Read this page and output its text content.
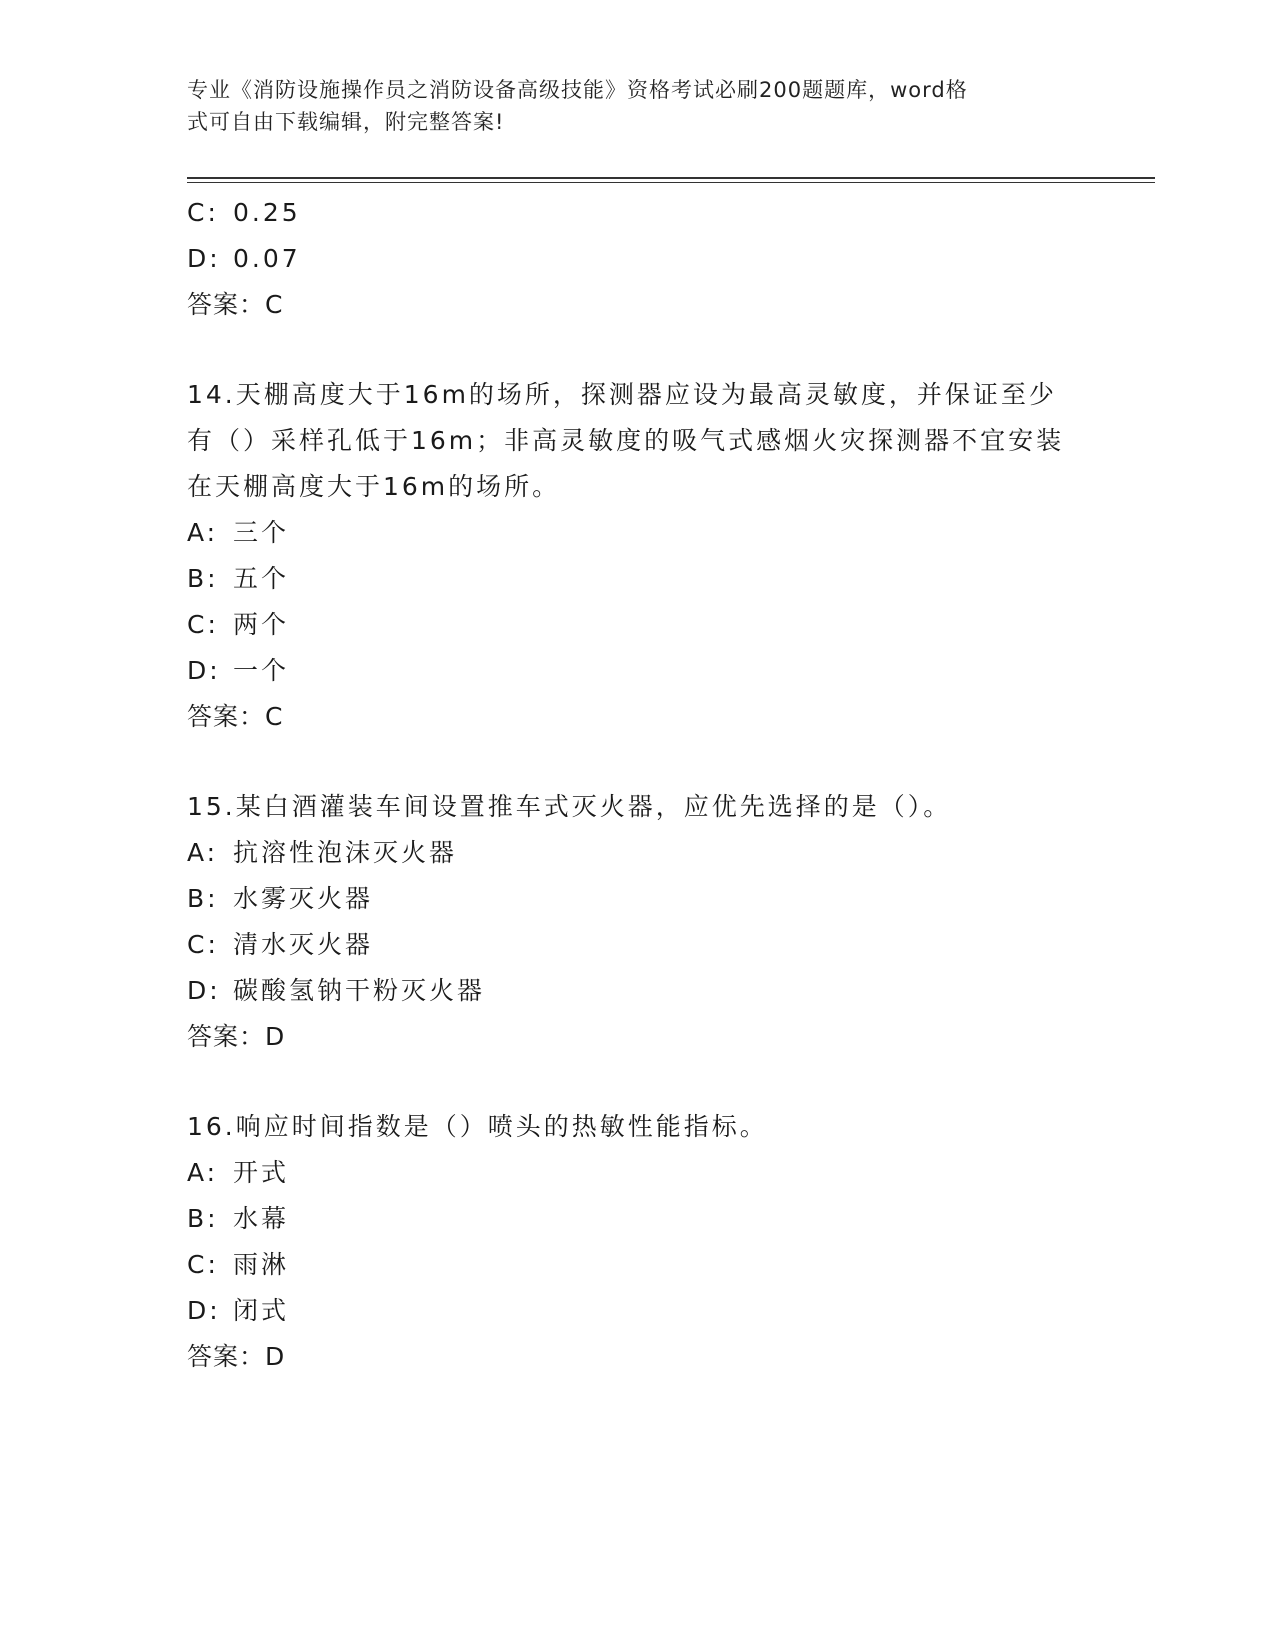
专业《消防设施操作员之消防设备高级技能》资格考试必刷200题题库，word格
式可自由下载编辑，附完整答案!
C: 0.25
D: 0.07
答案：C
14.天棚高度大于16m的场所，探测器应设为最高灵敏度，并保证至少
有（）采样孔低于16m；非高灵敏度的吸气式感烟火灾探测器不宜安装
在天棚高度大于16m的场所。
A: 三个
B: 五个
C: 两个
D: 一个
答案：C
15.某白酒灌装车间设置推车式灭火器，应优先选择的是（）。
A: 抗溶性泡沫灭火器
B: 水雾灭火器
C: 清水灭火器
D: 碳酸氢钠干粉灭火器
答案：D
16.响应时间指数是（）喷头的热敏性能指标。
A: 开式
B: 水幕
C: 雨淋
D: 闭式
答案：D
